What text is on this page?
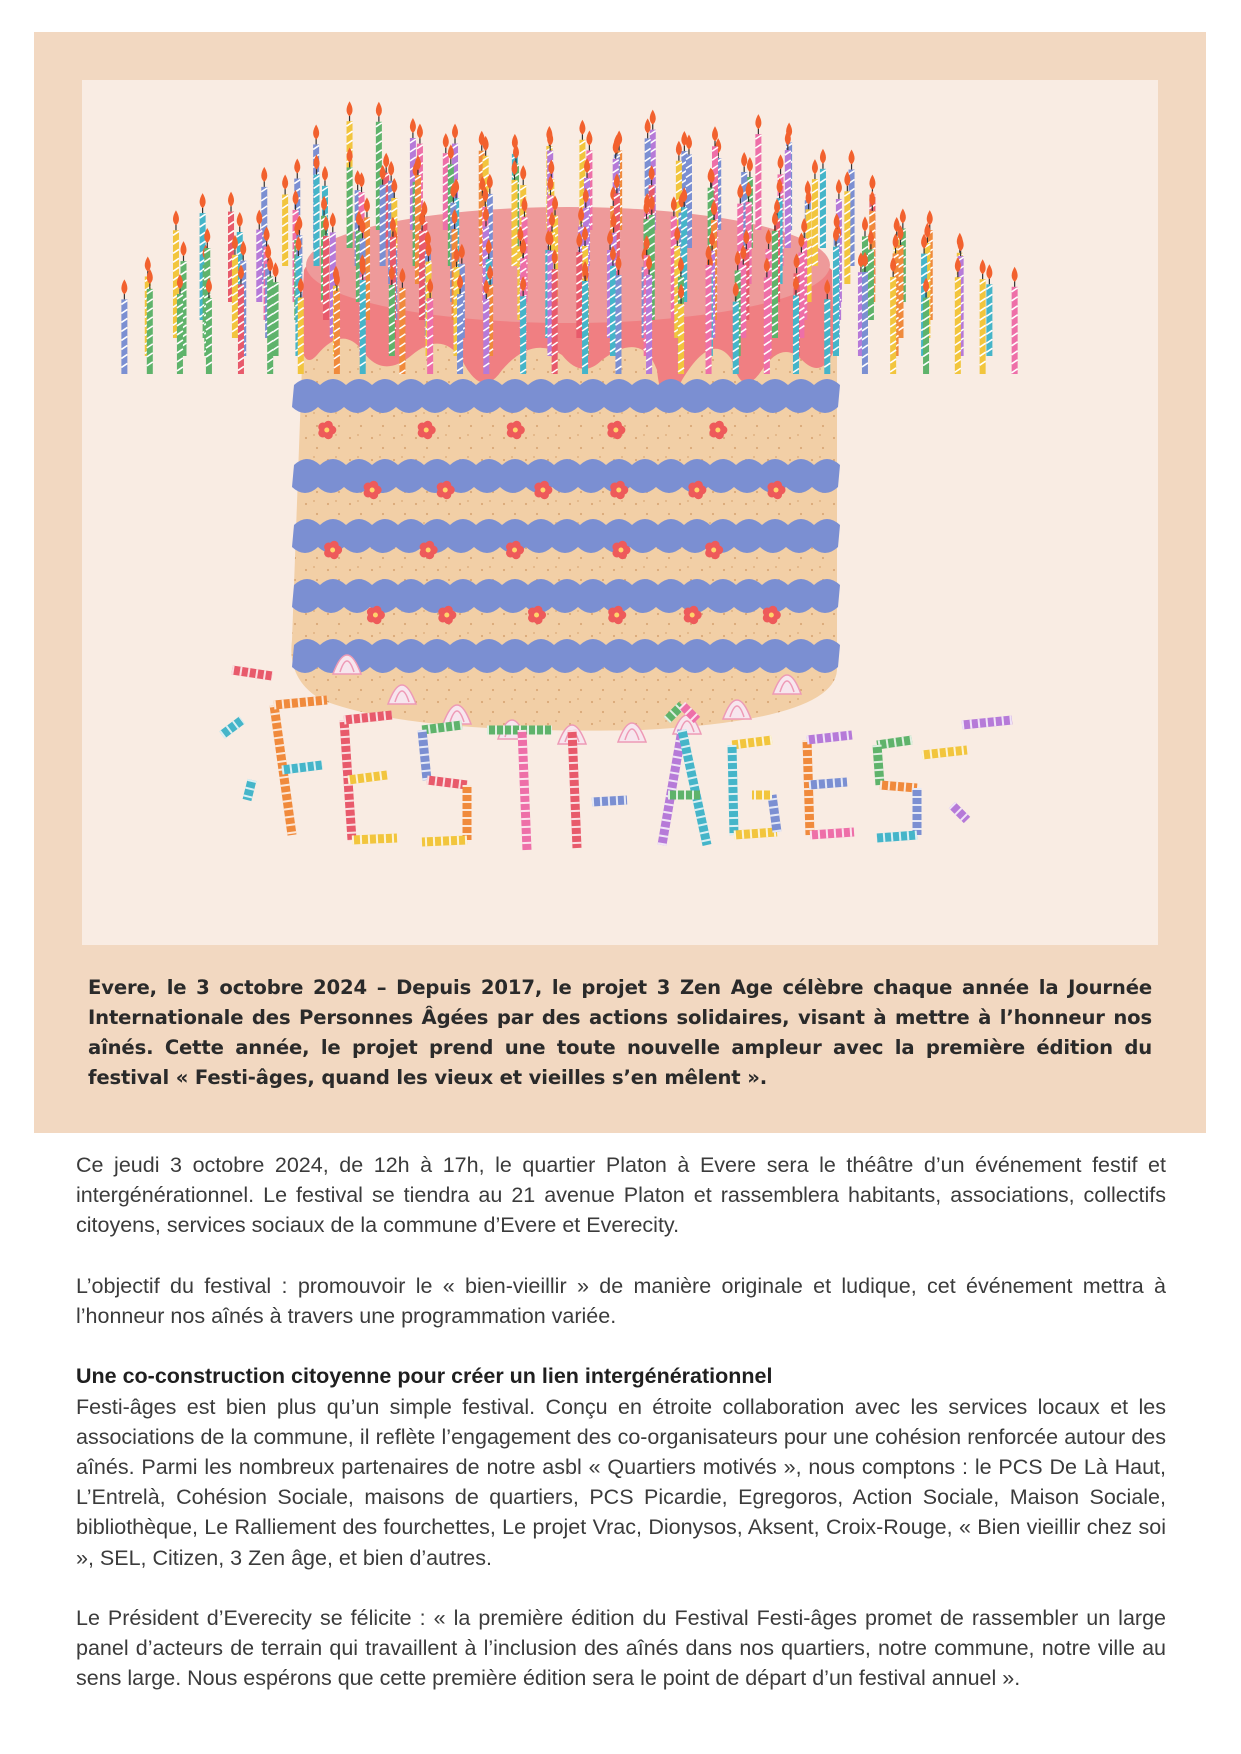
Evere, le 3 octobre 2024 – Depuis 2017, le projet 3 Zen Age célèbre chaque année la Journée Internationale des Personnes Âgées par des actions solidaires, visant à mettre à l’honneur nos aînés. Cette année, le projet prend une toute nouvelle ampleur avec la première édition du festival « Festi-âges, quand les vieux et vieilles s’en mêlent ».

Ce jeudi 3 octobre 2024, de 12h à 17h, le quartier Platon à Evere sera le théâtre d’un événement festif et intergénérationnel. Le festival se tiendra au 21 avenue Platon et rassemblera habitants, associations, collectifs citoyens, services sociaux de la commune d’Evere et Everecity.

L’objectif du festival : promouvoir le « bien-vieillir » de manière originale et ludique, cet événement mettra à l’honneur nos aînés à travers une programmation variée.

Une co-construction citoyenne pour créer un lien intergénérationnel

Festi-âges est bien plus qu’un simple festival. Conçu en étroite collaboration avec les services locaux et les associations de la commune, il reflète l’engagement des co-organisateurs pour une cohésion renforcée autour des aînés. Parmi les nombreux partenaires de notre asbl « Quartiers motivés », nous comptons : le PCS De Là Haut, L’Entrelà, Cohésion Sociale, maisons de quartiers, PCS Picardie, Egregoros, Action Sociale, Maison Sociale, bibliothèque, Le Ralliement des fourchettes, Le projet Vrac, Dionysos, Aksent, Croix-Rouge, « Bien vieillir chez soi », SEL, Citizen, 3 Zen âge, et bien d’autres.

Le Président d’Everecity se félicite : « la première édition du Festival Festi-âges promet de rassembler un large panel d’acteurs de terrain qui travaillent à l’inclusion des aînés dans nos quartiers, notre commune, notre ville au sens large. Nous espérons que cette première édition sera le point de départ d’un festival annuel ».
